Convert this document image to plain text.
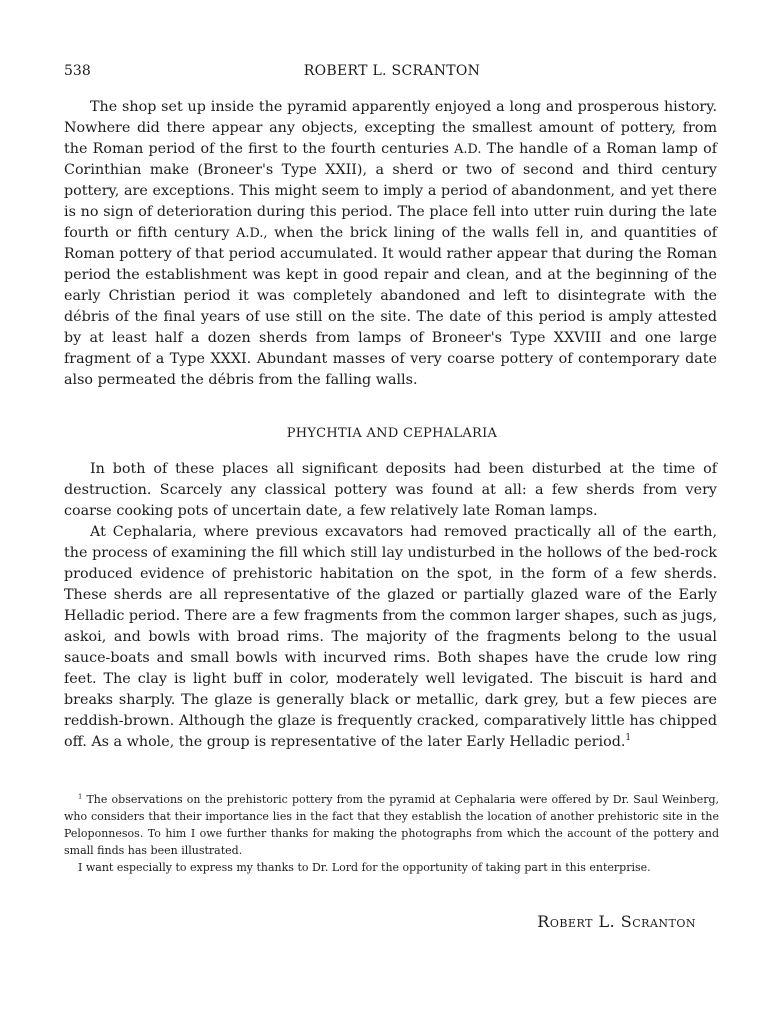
538	ROBERT L. SCRANTON

The shop set up inside the pyramid apparently enjoyed a long and prosperous history. Nowhere did there appear any objects, excepting the smallest amount of pottery, from the Roman period of the first to the fourth centuries A.D. The handle of a Roman lamp of Corinthian make (Broneer's Type XXII), a sherd or two of second and third century pottery, are exceptions. This might seem to imply a period of abandonment, and yet there is no sign of deterioration during this period. The place fell into utter ruin during the late fourth or fifth century A.D., when the brick lining of the walls fell in, and quantities of Roman pottery of that period accumulated. It would rather appear that during the Roman period the establishment was kept in good repair and clean, and at the beginning of the early Christian period it was completely abandoned and left to disintegrate with the débris of the final years of use still on the site. The date of this period is amply attested by at least half a dozen sherds from lamps of Broneer's Type XXVIII and one large fragment of a Type XXXI. Abundant masses of very coarse pottery of contemporary date also permeated the débris from the falling walls.

PHYCHTIA AND CEPHALARIA

In both of these places all significant deposits had been disturbed at the time of destruction. Scarcely any classical pottery was found at all: a few sherds from very coarse cooking pots of uncertain date, a few relatively late Roman lamps.

At Cephalaria, where previous excavators had removed practically all of the earth, the process of examining the fill which still lay undisturbed in the hollows of the bed-rock produced evidence of prehistoric habitation on the spot, in the form of a few sherds. These sherds are all representative of the glazed or partially glazed ware of the Early Helladic period. There are a few fragments from the common larger shapes, such as jugs, askoi, and bowls with broad rims. The majority of the fragments belong to the usual sauce-boats and small bowls with incurved rims. Both shapes have the crude low ring feet. The clay is light buff in color, moderately well levigated. The biscuit is hard and breaks sharply. The glaze is generally black or metallic, dark grey, but a few pieces are reddish-brown. Although the glaze is frequently cracked, comparatively little has chipped off. As a whole, the group is representative of the later Early Helladic period.$^1$

$^1$ The observations on the prehistoric pottery from the pyramid at Cephalaria were offered by Dr. Saul Weinberg, who considers that their importance lies in the fact that they establish the location of another prehistoric site in the Peloponnesos. To him I owe further thanks for making the photographs from which the account of the pottery and small finds has been illustrated.

I want especially to express my thanks to Dr. Lord for the opportunity of taking part in this enterprise.

Robert L. Scranton
